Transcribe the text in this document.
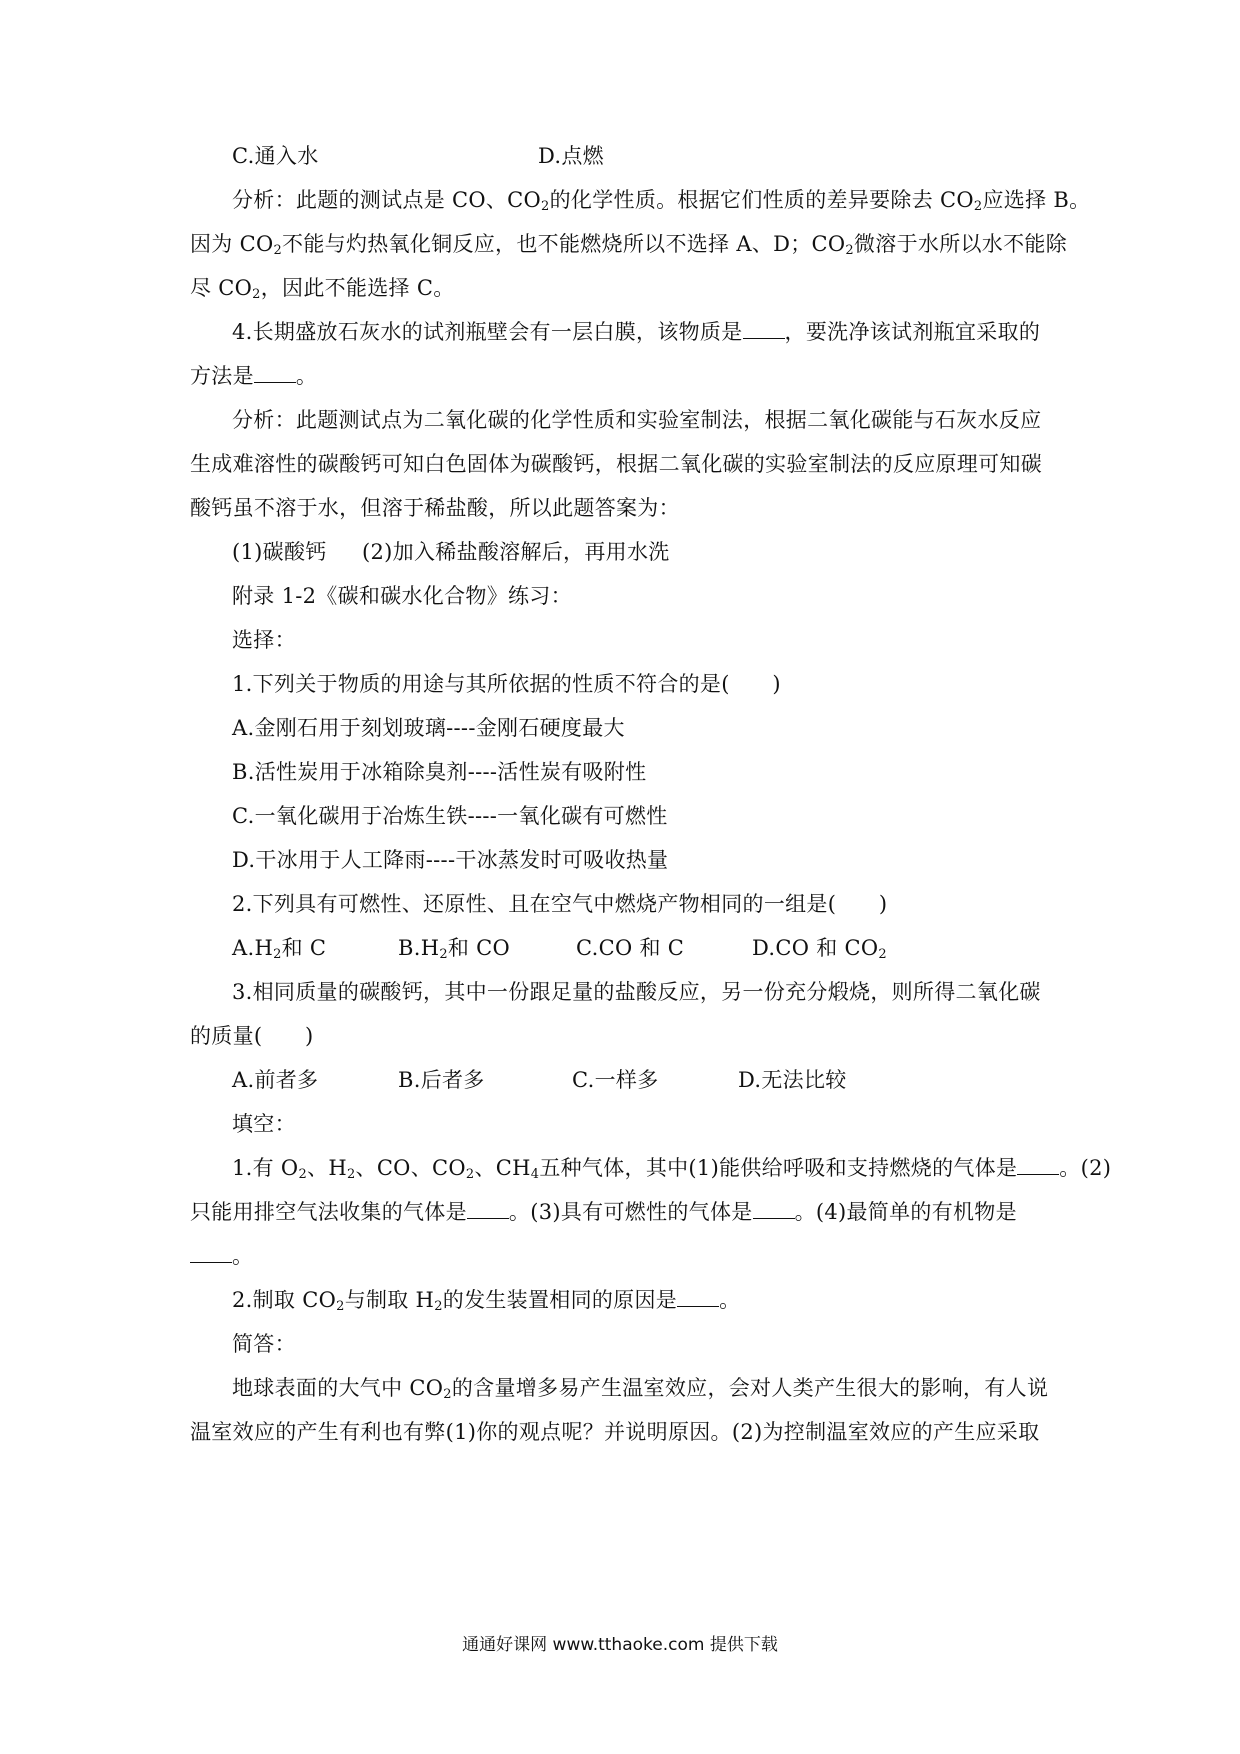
C.通入水	D.点燃
分析：此题的测试点是 CO、$CO_2$的化学性质。根据它们性质的差异要除去 $CO_2$应选择 B。
因为 $CO_2$不能与灼热氧化铜反应，也不能燃烧所以不选择 A、D；$CO_2$微溶于水所以水不能除
尽 $CO_2$，因此不能选择 C。
4.长期盛放石灰水的试剂瓶壁会有一层白膜，该物质是 ，要洗净该试剂瓶宜采取的
方法是 。
分析：此题测试点为二氧化碳的化学性质和实验室制法，根据二氧化碳能与石灰水反应
生成难溶性的碳酸钙可知白色固体为碳酸钙，根据二氧化碳的实验室制法的反应原理可知碳
酸钙虽不溶于水，但溶于稀盐酸，所以此题答案为：
(1)碳酸钙 (2)加入稀盐酸溶解后，再用水洗
附录 1-2《碳和碳水化合物》练习：
选择：
1.下列关于物质的用途与其所依据的性质不符合的是(　　)
A.金刚石用于刻划玻璃----金刚石硬度最大
B.活性炭用于冰箱除臭剂----活性炭有吸附性
C.一氧化碳用于冶炼生铁----一氧化碳有可燃性
D.干冰用于人工降雨----干冰蒸发时可吸收热量
2.下列具有可燃性、还原性、且在空气中燃烧产物相同的一组是(　　)
$A.H_2$和 C	$B.H_2$和 CO	C.CO 和 C	D.CO 和 $CO_2$
3.相同质量的碳酸钙，其中一份跟足量的盐酸反应，另一份充分煅烧，则所得二氧化碳
的质量(　　)
A.前者多	B.后者多	C.一样多	D.无法比较
填空：
1.有 $O_2$、$H_2$、CO、$CO_2$、$CH_4$五种气体，其中(1)能供给呼吸和支持燃烧的气体是 。(2)
只能用排空气法收集的气体是 。(3)具有可燃性的气体是 。(4)最简单的有机物是
。
2.制取 $CO_2$与制取 $H_2$的发生装置相同的原因是 。
简答：
地球表面的大气中 $CO_2$的含量增多易产生温室效应，会对人类产生很大的影响，有人说
温室效应的产生有利也有弊(1)你的观点呢？并说明原因。(2)为控制温室效应的产生应采取
通通好课网 www.tthaoke.com 提供下载
